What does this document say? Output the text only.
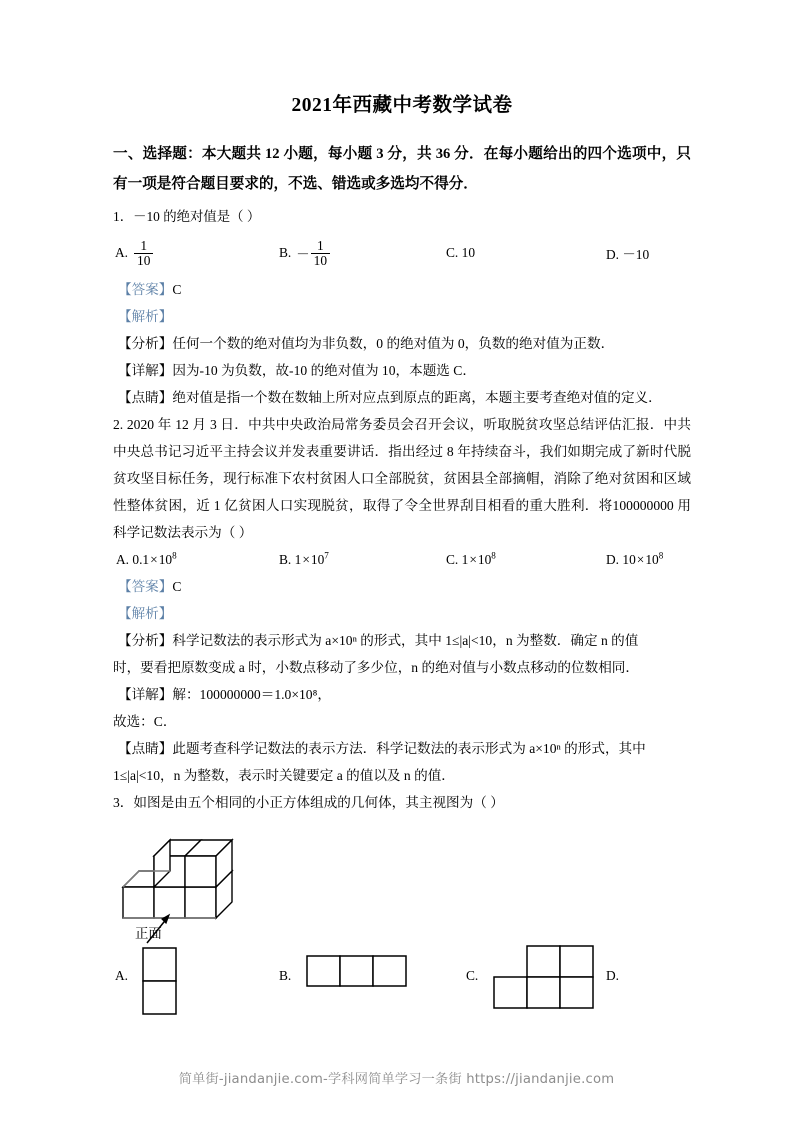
2021年西藏中考数学试卷
一、选择题：本大题共 12 小题，每小题 3 分，共 36 分．在每小题给出的四个选项中，只有一项是符合题目要求的，不选、错选或多选均不得分．
1．－10 的绝对值是（ ）
A. $\frac{1}{10}$	B. － $\frac{1}{10}$	C. 10	D. －10
【答案】C
【解析】
【分析】任何一个数的绝对值均为非负数，0 的绝对值为 0，负数的绝对值为正数．
【详解】因为-10 为负数，故-10 的绝对值为 10，本题选 C．
【点睛】绝对值是指一个数在数轴上所对应点到原点的距离，本题主要考查绝对值的定义．
2. 2020 年 12 月 3 日．中共中央政治局常务委员会召开会议，听取脱贫攻坚总结评估汇报．中共中央总书记习近平主持会议并发表重要讲话．指出经过 8 年持续奋斗，我们如期完成了新时代脱贫攻坚目标任务，现行标准下农村贫困人口全部脱贫，贫困县全部摘帽，消除了绝对贫困和区域性整体贫困，近 1 亿贫困人口实现脱贫，取得了令全世界刮目相看的重大胜利．将100000000 用科学记数法表示为（ ）
A. $0.1\times 10^8$	B. $1\times 10^7$	C. $1\times 10^8$	D. $10\times 10^8$
【答案】C
【解析】
【分析】科学记数法的表示形式为 a×10ⁿ 的形式，其中 1≤|a|<10，n 为整数．确定 n 的值
时，要看把原数变成 a 时，小数点移动了多少位，n 的绝对值与小数点移动的位数相同．
【详解】解：100000000＝1.0×10⁸，
故选：C．
【点睛】此题考查科学记数法的表示方法．科学记数法的表示形式为 a×10ⁿ 的形式，其中
1≤|a|<10，n 为整数，表示时关键要定 a 的值以及 n 的值．
3．如图是由五个相同的小正方体组成的几何体，其主视图为（ ）
正面
A.	B.	C.	D.
简单街-jiandanjie.com-学科网简单学习一条街 https://jiandanjie.com
